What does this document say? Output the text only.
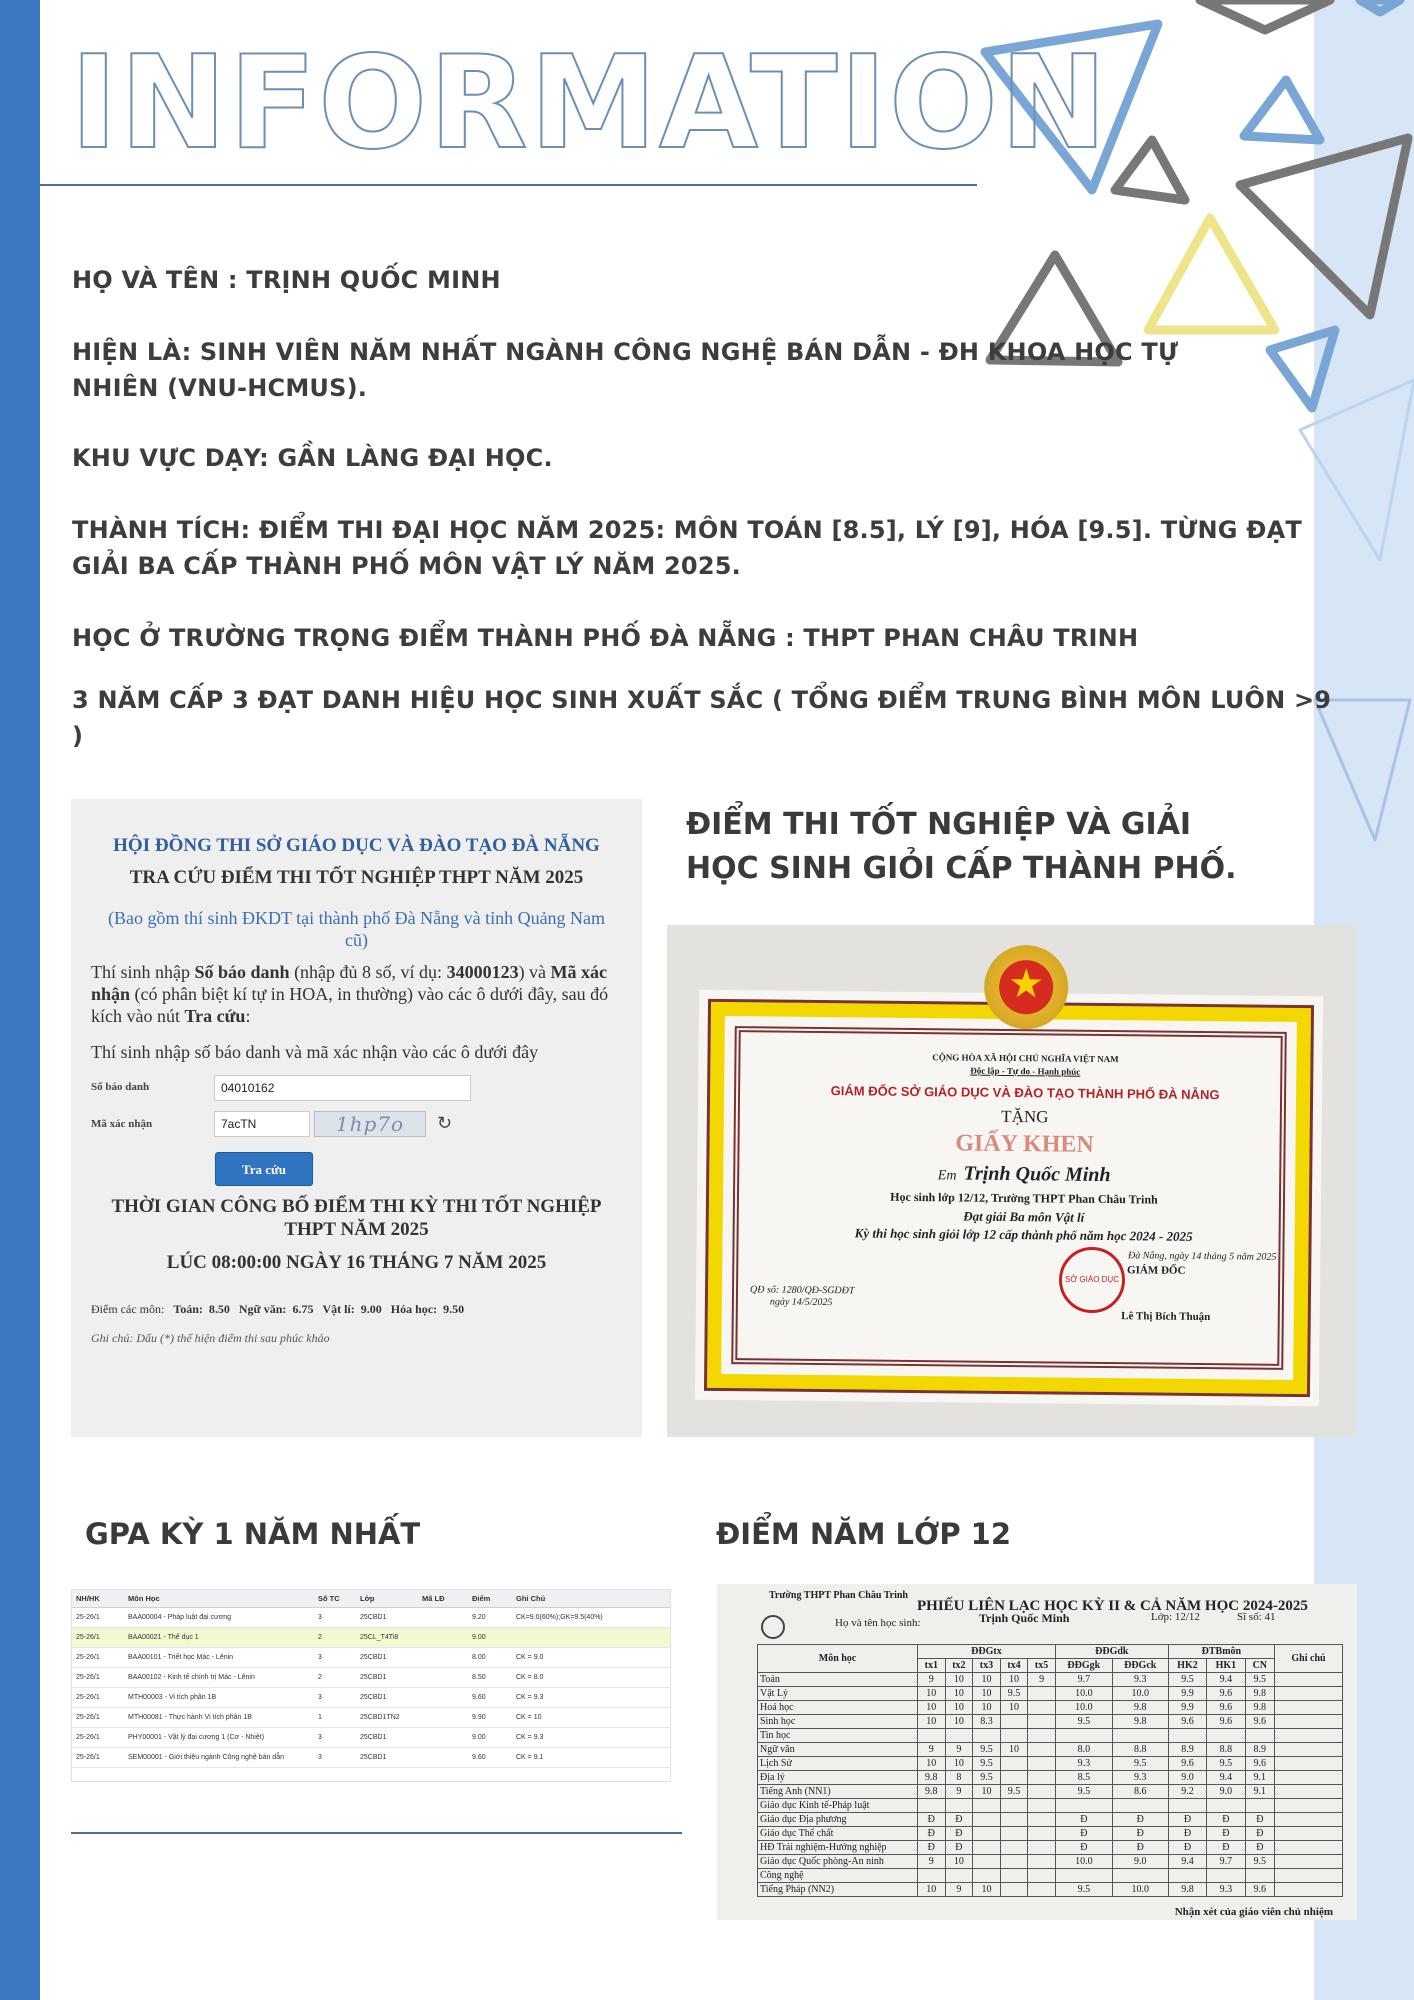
INFORMATION
HỌ VÀ TÊN : TRỊNH QUỐC MINH
HIỆN LÀ: SINH VIÊN NĂM NHẤT NGÀNH CÔNG NGHỆ BÁN DẪN - ĐH KHOA HỌC TỰ NHIÊN (VNU-HCMUS).
KHU VỰC DẠY: GẦN LÀNG ĐẠI HỌC.
THÀNH TÍCH: ĐIỂM THI ĐẠI HỌC NĂM 2025: MÔN TOÁN [8.5], LÝ [9], HÓA [9.5]. TỪNG ĐẠT GIẢI BA CẤP THÀNH PHỐ MÔN VẬT LÝ NĂM 2025.
HỌC Ở TRƯỜNG TRỌNG ĐIỂM THÀNH PHỐ ĐÀ NẴNG : THPT PHAN CHÂU TRINH
3 NĂM CẤP 3 ĐẠT DANH HIỆU HỌC SINH XUẤT SẮC ( TỔNG ĐIỂM TRUNG BÌNH MÔN LUÔN >9 )
HỘI ĐỒNG THI SỞ GIÁO DỤC VÀ ĐÀO TẠO ĐÀ NẴNG
TRA CỨU ĐIỂM THI TỐT NGHIỆP THPT NĂM 2025
(Bao gồm thí sinh ĐKDT tại thành phố Đà Nẵng và tỉnh Quảng Nam cũ)
Thí sinh nhập Số báo danh (nhập đủ 8 số, ví dụ: 34000123) và Mã xác nhận (có phân biệt kí tự in HOA, in thường) vào các ô dưới đây, sau đó kích vào nút Tra cứu:
Thí sinh nhập số báo danh và mã xác nhận vào các ô dưới đây
Số báo danh	04010162
Mã xác nhận	7acTN	1hp7o	↻
Tra cứu
THỜI GIAN CÔNG BỐ ĐIỂM THI KỲ THI TỐT NGHIỆP THPT NĂM 2025
LÚC 08:00:00 NGÀY 16 THÁNG 7 NĂM 2025
Điểm các môn: Toán: 8.50 Ngữ văn: 6.75 Vật lí: 9.00 Hóa học: 9.50
Ghi chú: Dấu (*) thể hiện điểm thi sau phúc khảo
ĐIỂM THI TỐT NGHIỆP VÀ GIẢI HỌC SINH GIỎI CẤP THÀNH PHỐ.
★
CỘNG HÒA XÃ HỘI CHỦ NGHĨA VIỆT NAM
Độc lập - Tự do - Hạnh phúc
GIÁM ĐỐC SỞ GIÁO DỤC VÀ ĐÀO TẠO THÀNH PHỐ ĐÀ NẴNG
TẶNG
GIẤY KHEN
Em Trịnh Quốc Minh
Học sinh lớp 12/12, Trường THPT Phan Châu Trinh
Đạt giải Ba môn Vật lí
Kỳ thi học sinh giỏi lớp 12 cấp thành phố năm học 2024 - 2025
Đà Nẵng, ngày 14 tháng 5 năm 2025
GIÁM ĐỐC
Lê Thị Bích Thuận
QĐ số: 1280/QĐ-SGDĐT
ngày 14/5/2025
SỞ GIÁO DỤC
GPA KỲ 1 NĂM NHẤT	ĐIỂM NĂM LỚP 12
NH/HK	Môn Học	Số TC	Lớp	Mã LĐ	Điểm	Ghi Chú
25-26/1	BAA00004 - Pháp luật đại cương	3	25CBD1		9.20	CK=9.0(60%);GK=9.5(40%)
25-26/1	BAA00021 - Thể dục 1	2	25CL_T4Ti8		9.00	
25-26/1	BAA00101 - Triết học Mác - Lênin	3	25CBD1		8.00	CK = 9.0
25-26/1	BAA00102 - Kinh tế chính trị Mác - Lênin	2	25CBD1		8.50	CK = 8.0
25-26/1	MTH00003 - Vi tích phân 1B	3	25CBD1		9.60	CK = 9.3
25-26/1	MTH00081 - Thực hành Vi tích phân 1B	1	25CBD1TN2		9.90	CK = 10
25-26/1	PHY00001 - Vật lý đại cương 1 (Cơ - Nhiệt)	3	25CBD1		9.00	CK = 9.3
25-26/1	SEM00001 - Giới thiệu ngành Công nghệ bán dẫn	3	25CBD1		9.60	CK = 9.1
Trường THPT Phan Châu Trinh
PHIẾU LIÊN LẠC HỌC KỲ II & CẢ NĂM HỌC 2024-2025
Họ và tên học sinh:	Trịnh Quốc Minh	Lớp: 12/12	Sĩ số: 41
Môn học	ĐĐGtx					ĐĐGdk		ĐTBmôn			Ghi chú
	tx1	tx2	tx3	tx4	tx5	ĐĐGgk	ĐĐGck	HK2	HK1	CN	
Toán	9	10	10	10	9	9.7	9.3	9.5	9.4	9.5	
Vật Lý	10	10	10	9.5		10.0	10.0	9.9	9.6	9.8	
Hoá học	10	10	10	10		10.0	9.8	9.9	9.6	9.8	
Sinh học	10	10	8.3			9.5	9.8	9.6	9.6	9.6	
Tin học											
Ngữ văn	9	9	9.5	10		8.0	8.8	8.9	8.8	8.9	
Lịch Sử	10	10	9.5			9.3	9.5	9.6	9.5	9.6	
Địa lý	9.8	8	9.5			8.5	9.3	9.0	9.4	9.1	
Tiếng Anh (NN1)	9.8	9	10	9.5		9.5	8.6	9.2	9.0	9.1	
Giáo dục Kinh tế-Pháp luật											
Giáo dục Địa phương	Đ	Đ				Đ	Đ	Đ	Đ	Đ	
Giáo dục Thể chất	Đ	Đ				Đ	Đ	Đ	Đ	Đ	
HĐ Trải nghiệm-Hướng nghiệp	Đ	Đ				Đ	Đ	Đ	Đ	Đ	
Giáo dục Quốc phòng-An ninh	9	10				10.0	9.0	9.4	9.7	9.5	
Công nghệ											
Tiếng Pháp (NN2)	10	9	10			9.5	10.0	9.8	9.3	9.6	
Nhận xét của giáo viên chủ nhiệm
